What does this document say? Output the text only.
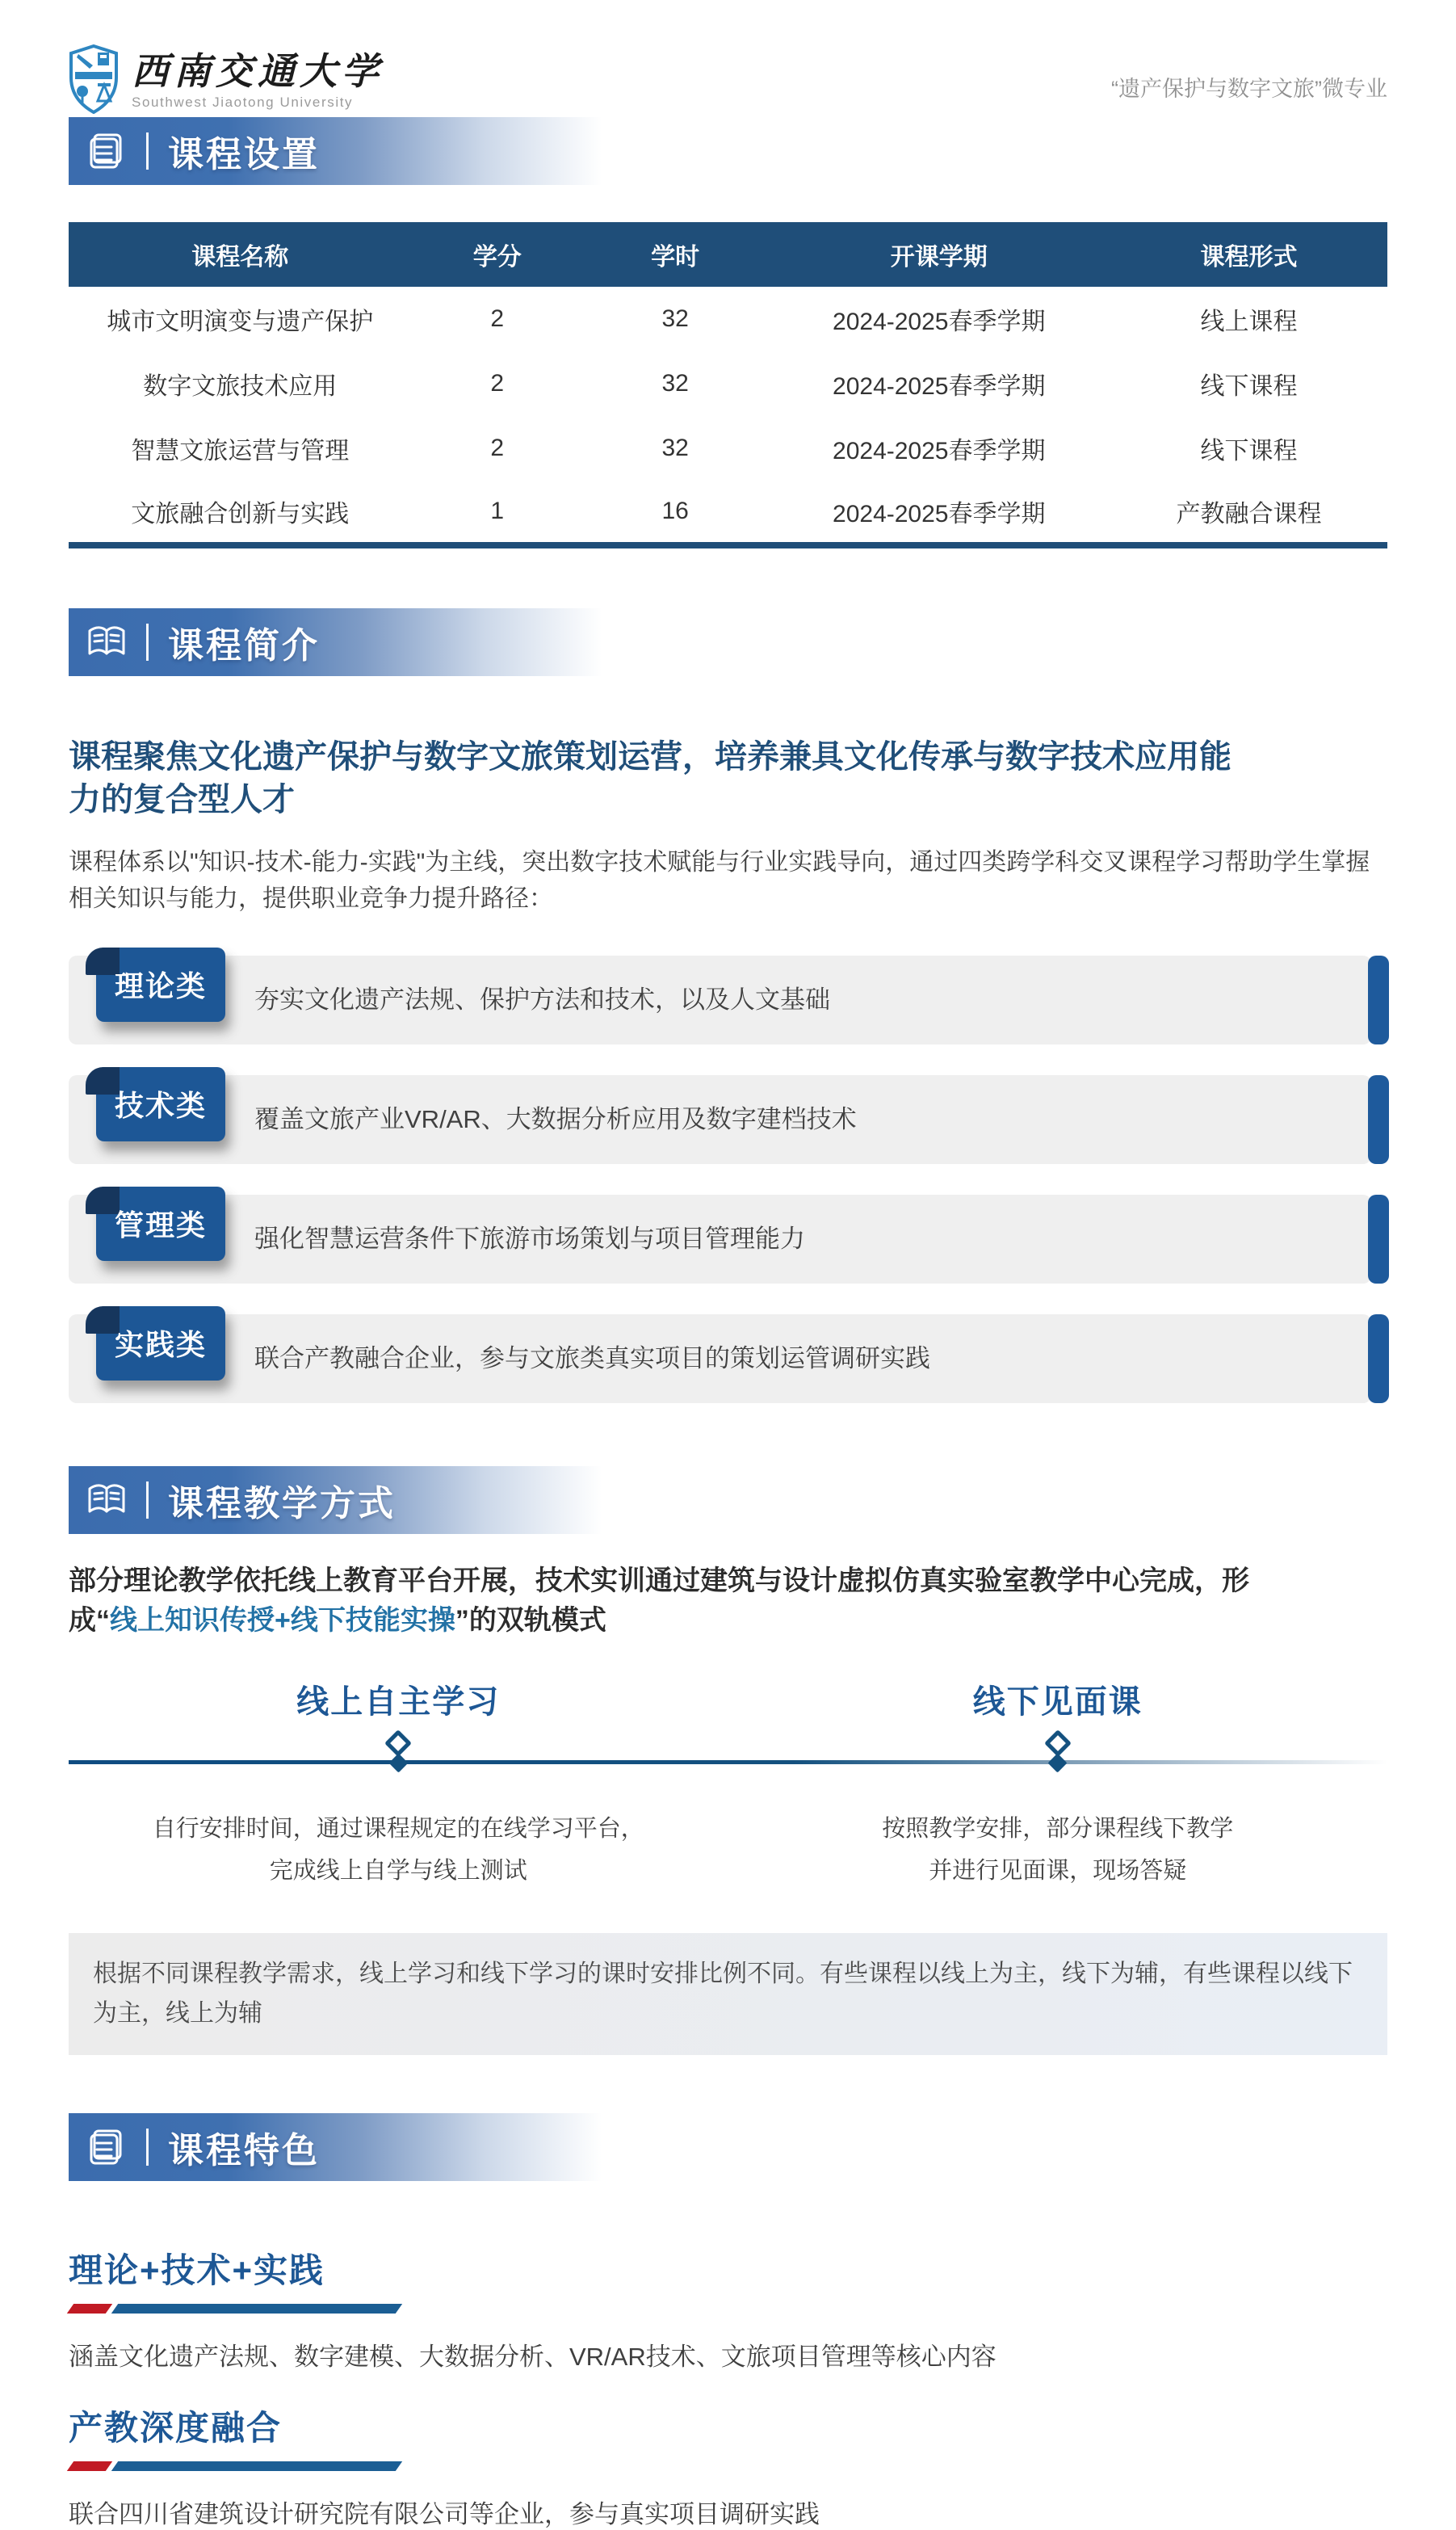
西南交通大学
Southwest Jiaotong University
“遗产保护与数字文旅”微专业
课程设置
课程名称	学分	学时	开课学期	课程形式
城市文明演变与遗产保护	2	32	2024-2025春季学期	线上课程
数字文旅技术应用	2	32	2024-2025春季学期	线下课程
智慧文旅运营与管理	2	32	2024-2025春季学期	线下课程
文旅融合创新与实践	1	16	2024-2025春季学期	产教融合课程
课程简介
课程聚焦文化遗产保护与数字文旅策划运营，培养兼具文化传承与数字技术应用能力的复合型人才

课程体系以"知识-技术-能力-实践"为主线，突出数字技术赋能与行业实践导向，通过四类跨学科交叉课程学习帮助学生掌握相关知识与能力，提供职业竞争力提升路径：

夯实文化遗产法规、保护方法和技术，以及人文基础

理论类

覆盖文旅产业VR/AR、大数据分析应用及数字建档技术

技术类

强化智慧运营条件下旅游市场策划与项目管理能力

管理类

联合产教融合企业，参与文旅类真实项目的策划运管调研实践

实践类
课程教学方式

部分理论教学依托线上教育平台开展，技术实训通过建筑与设计虚拟仿真实验室教学中心完成，形成“线上知识传授+线下技能实操”的双轨模式

线上自主学习

自行安排时间，通过课程规定的在线学习平台，
完成线上自学与线上测试

线下见面课

按照教学安排，部分课程线下教学
并进行见面课，现场答疑

根据不同课程教学需求，线上学习和线下学习的课时安排比例不同。有些课程以线上为主，线下为辅，有些课程以线下为主，线上为辅
课程特色
理论+技术+实践

涵盖文化遗产法规、数字建模、大数据分析、VR/AR技术、文旅项目管理等核心内容

产教深度融合

联合四川省建筑设计研究院有限公司等企业，参与真实项目调研实践
